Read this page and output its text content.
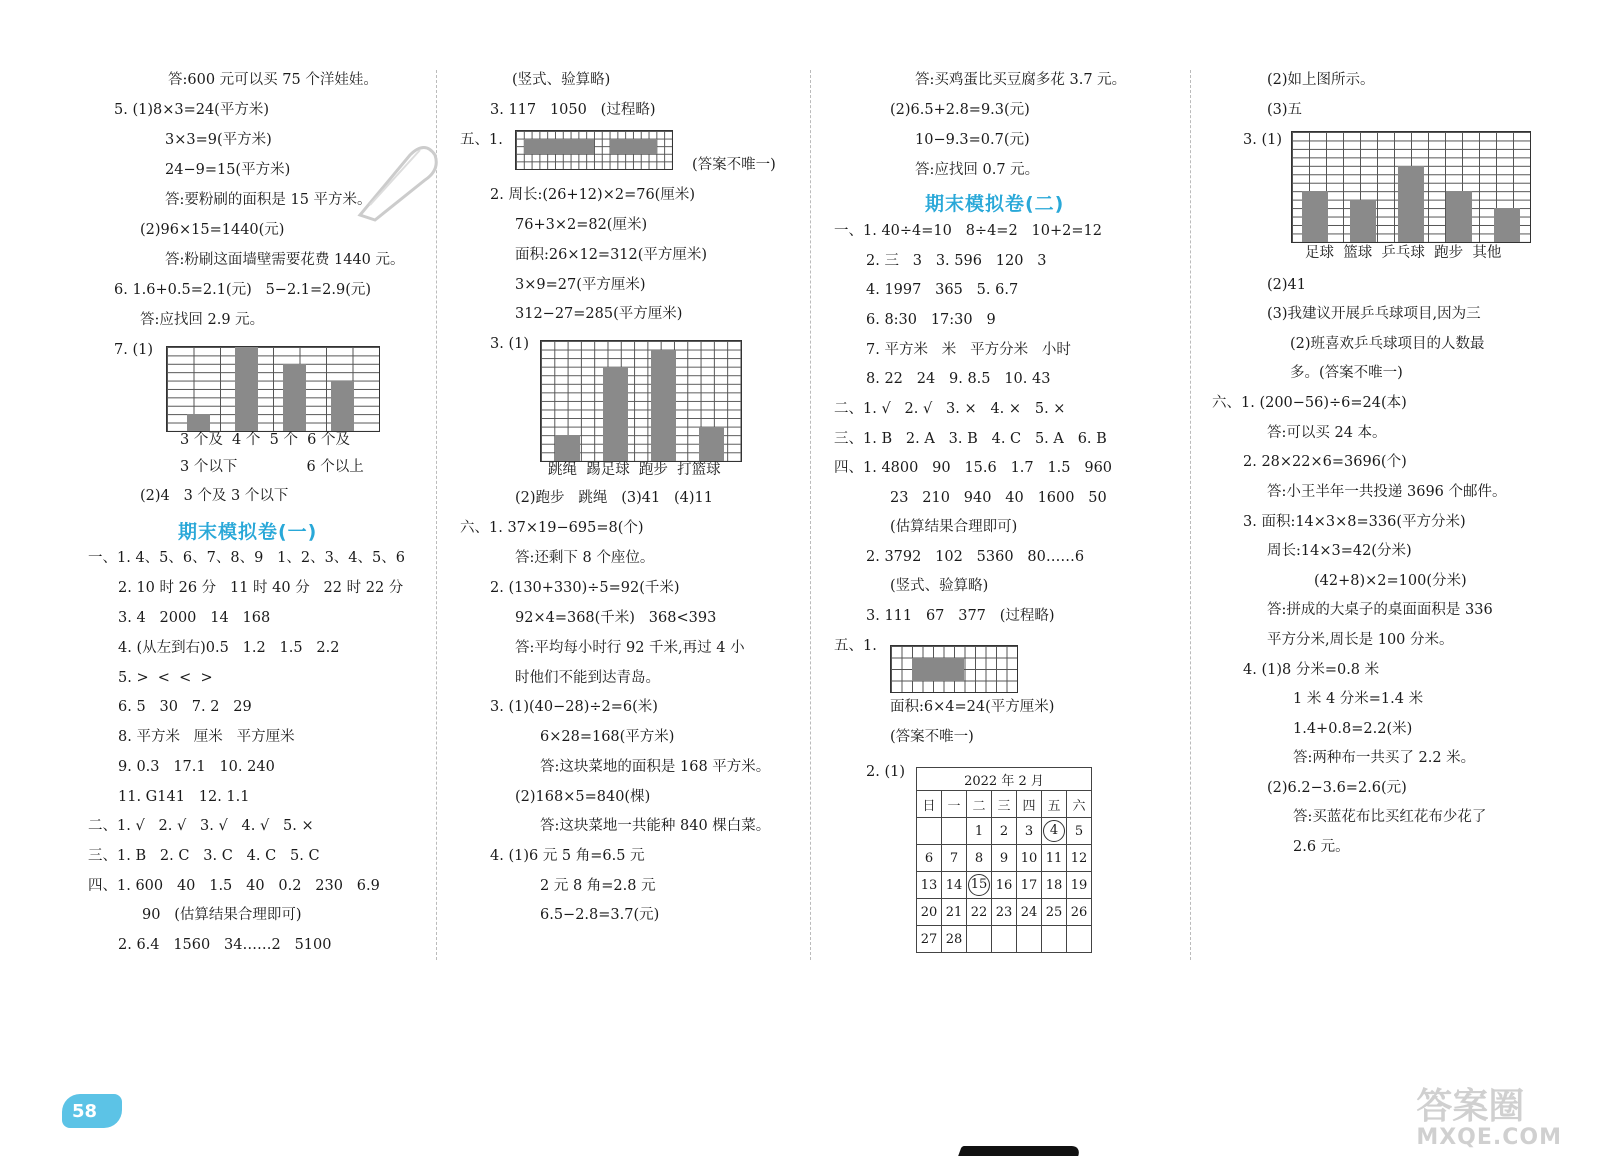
答:600 元可以买 75 个洋娃娃。
5. (1)8×3=24(平方米)
3×3=9(平方米)
24−9=15(平方米)
答:要粉刷的面积是 15 平方米。
(2)96×15=1440(元)
答:粉刷这面墙壁需要花费 1440 元。
6. 1.6+0.5=2.1(元)   5−2.1=2.9(元)
答:应找回 2.9 元。
7. (1)
3 个及  4 个  5 个  6 个及
3 个以下               6 个以上
(2)4   3 个及 3 个以下
期末模拟卷(一)
一、1. 4、5、6、7、8、9   1、2、3、4、5、6
2. 10 时 26 分   11 时 40 分   22 时 22 分
3. 4   2000   14   168
4. (从左到右)0.5   1.2   1.5   2.2
5. >  <  <  >
6. 5   30   7. 2   29
8. 平方米   厘米   平方厘米
9. 0.3   17.1   10. 240
11. G141   12. 1.1
二、1. √   2. √   3. √   4. √   5. ×
三、1. B   2. C   3. C   4. C   5. C
四、1. 600   40   1.5   40   0.2   230   6.9
90   (估算结果合理即可)
2. 6.4   1560   34……2   5100
(竖式、验算略)
3. 117   1050   (过程略)
五、1.
(答案不唯一)
2. 周长:(26+12)×2=76(厘米)
76+3×2=82(厘米)
面积:26×12=312(平方厘米)
3×9=27(平方厘米)
312−27=285(平方厘米)
3. (1)
跳绳  踢足球  跑步  打篮球
(2)跑步   跳绳   (3)41   (4)11
六、1. 37×19−695=8(个)
答:还剩下 8 个座位。
2. (130+330)÷5=92(千米)
92×4=368(千米)   368<393
答:平均每小时行 92 千米,再过 4 小
时他们不能到达青岛。
3. (1)(40−28)÷2=6(米)
6×28=168(平方米)
答:这块菜地的面积是 168 平方米。
(2)168×5=840(棵)
答:这块菜地一共能种 840 棵白菜。
4. (1)6 元 5 角=6.5 元
2 元 8 角=2.8 元
6.5−2.8=3.7(元)
答:买鸡蛋比买豆腐多花 3.7 元。
(2)6.5+2.8=9.3(元)
10−9.3=0.7(元)
答:应找回 0.7 元。
期末模拟卷(二)
一、1. 40÷4=10   8÷4=2   10+2=12
2. 三   3   3. 596   120   3
4. 1997   365   5. 6.7
6. 8:30   17:30   9
7. 平方米   米   平方分米   小时
8. 22   24   9. 8.5   10. 43
二、1. √   2. √   3. ×   4. ×   5. ×
三、1. B   2. A   3. B   4. C   5. A   6. B
四、1. 4800   90   15.6   1.7   1.5   960
23   210   940   40   1600   50
(估算结果合理即可)
2. 3792   102   5360   80……6
(竖式、验算略)
3. 111   67   377   (过程略)
五、1.
面积:6×4=24(平方厘米)
(答案不唯一)
2. (1)
2022 年 2 月						
日	一	二	三	四	五	六
		1	2	3	4	5
6	7	8	9	10	11	12
13	14	15	16	17	18	19
20	21	22	23	24	25	26
27	28					
(2)如上图所示。
(3)五
3. (1)
足球  篮球  乒乓球  跑步  其他
(2)41
(3)我建议开展乒乓球项目,因为三
(2)班喜欢乒乓球项目的人数最
多。(答案不唯一)
六、1. (200−56)÷6=24(本)
答:可以买 24 本。
2. 28×22×6=3696(个)
答:小王半年一共投递 3696 个邮件。
3. 面积:14×3×8=336(平方分米)
周长:14×3=42(分米)
(42+8)×2=100(分米)
答:拼成的大桌子的桌面面积是 336
平方分米,周长是 100 分米。
4. (1)8 分米=0.8 米
1 米 4 分米=1.4 米
1.4+0.8=2.2(米)
答:两种布一共买了 2.2 米。
(2)6.2−3.6=2.6(元)
答:买蓝花布比买红花布少花了
2.6 元。
58	答案圈
MXQE.COM
